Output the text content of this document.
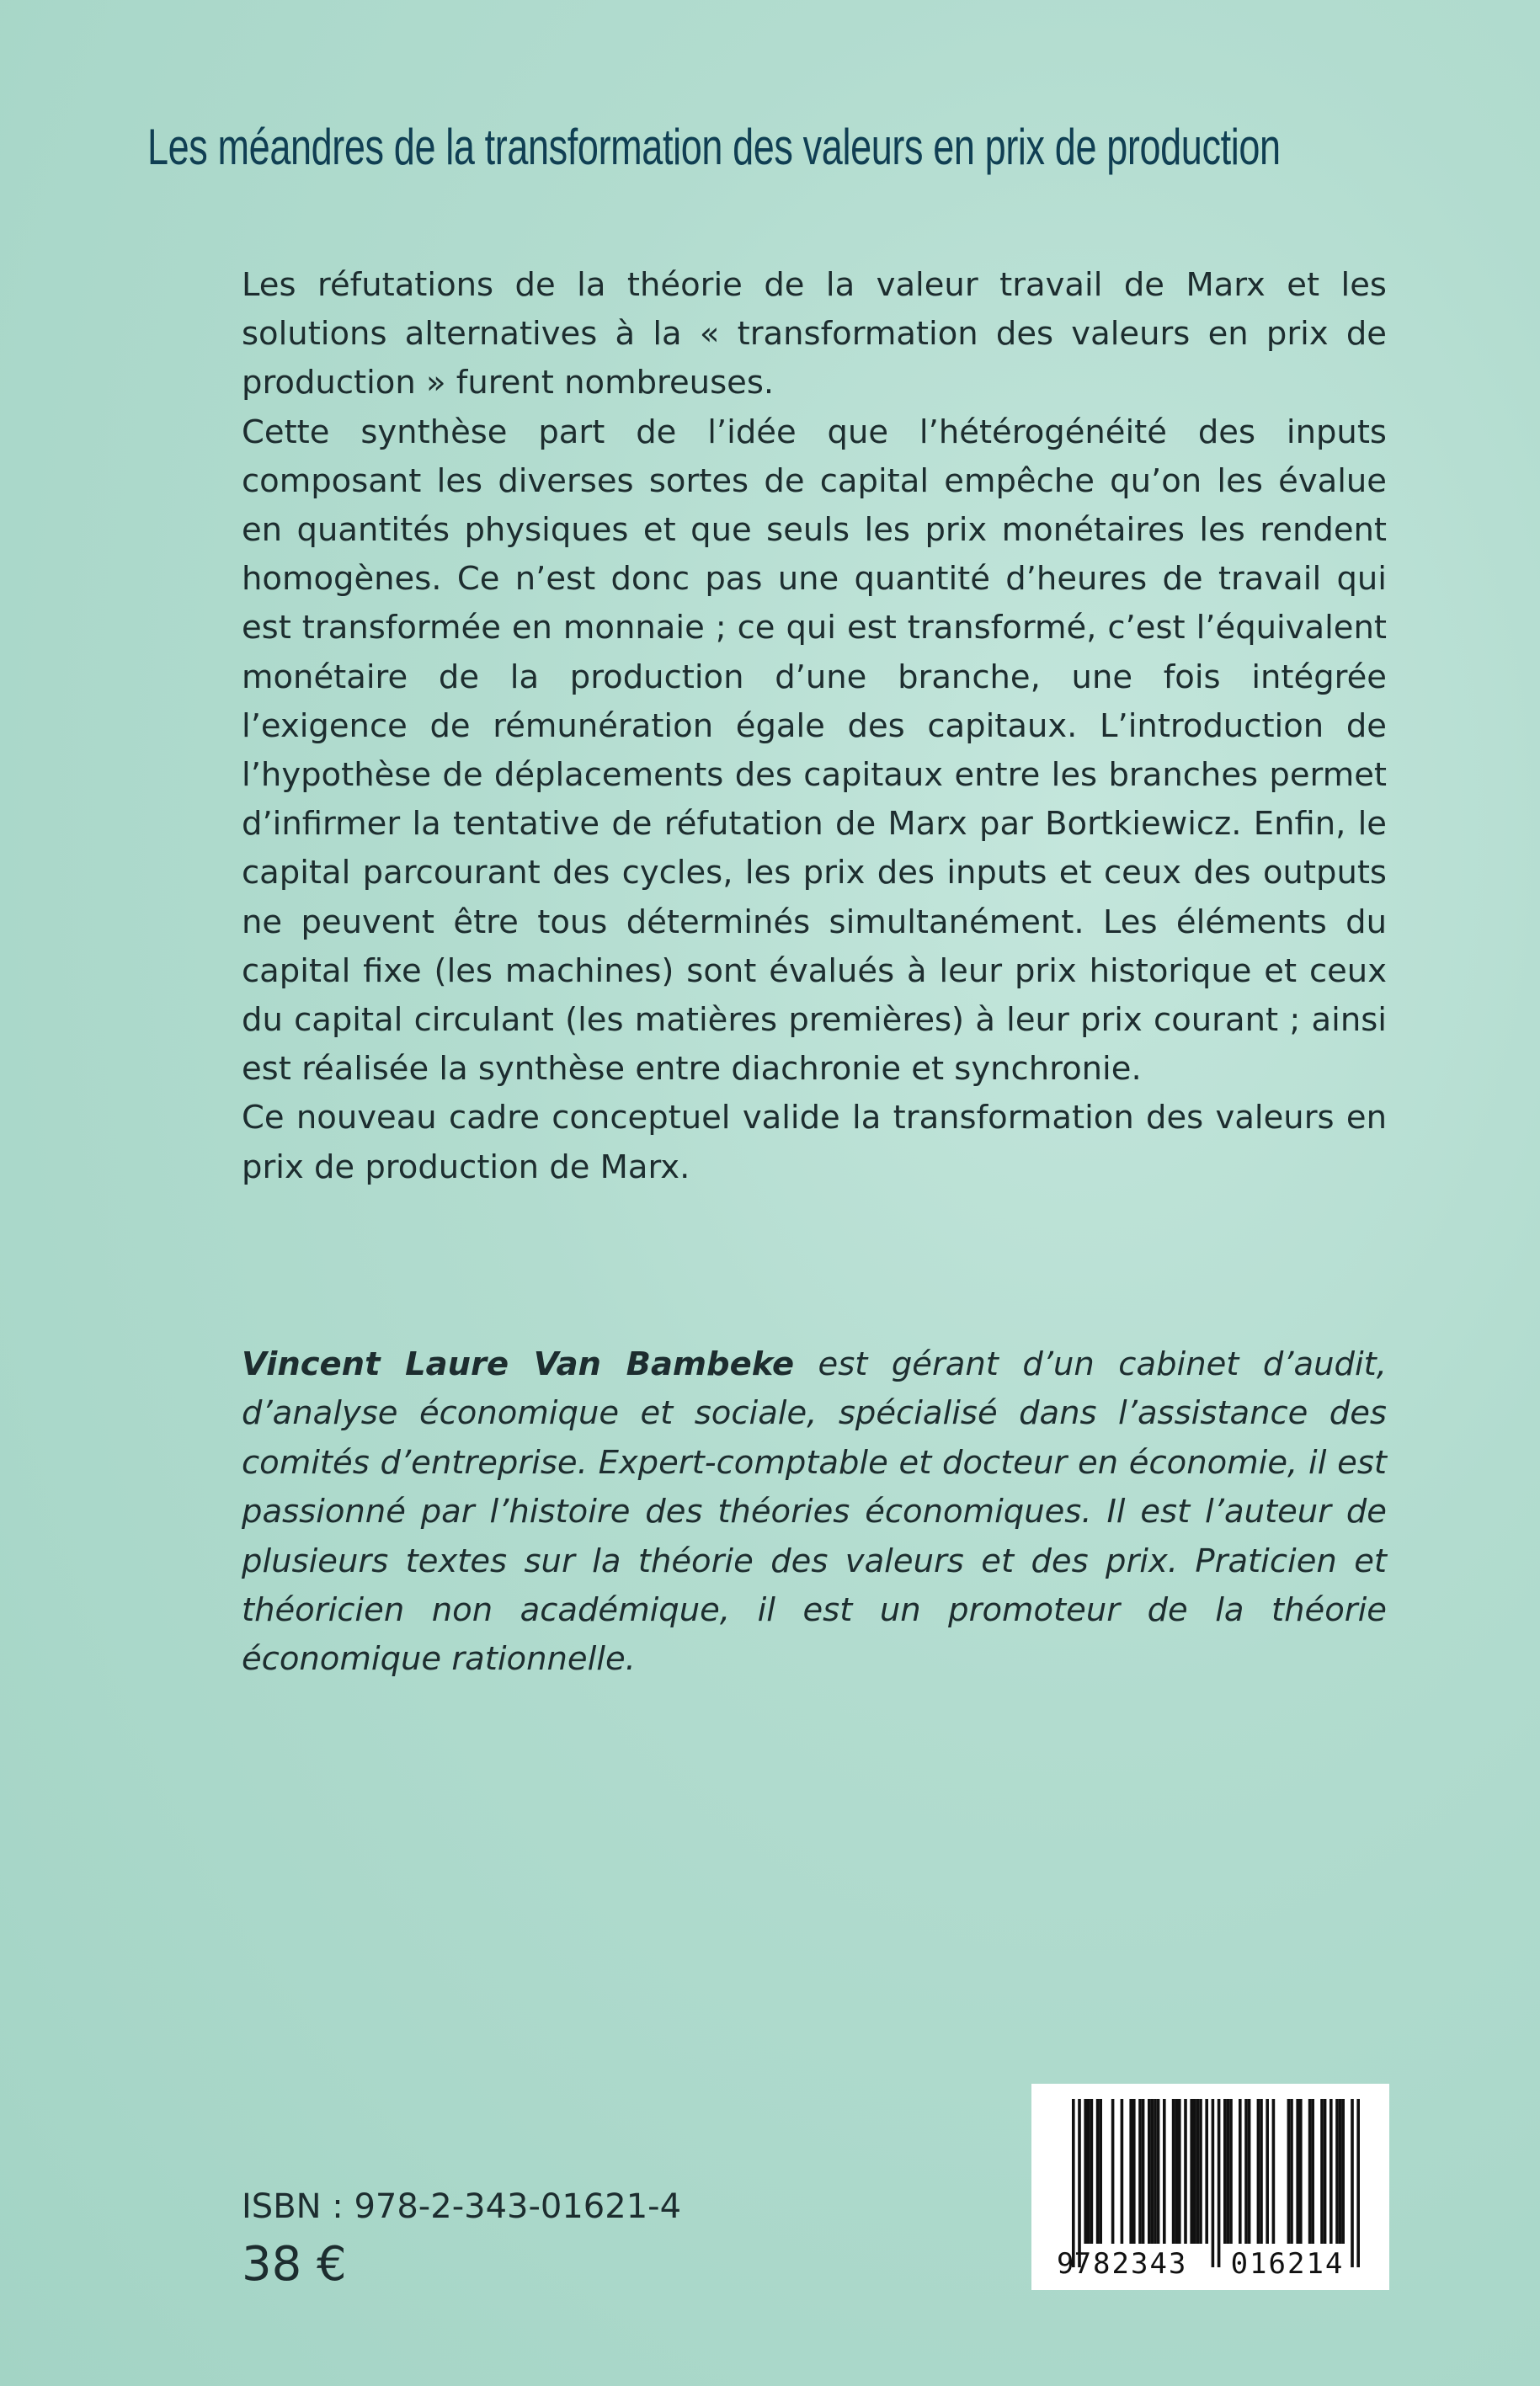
Les méandres de la transformation des valeurs en prix de production

Les réfutations de la théorie de la valeur travail de Marx et les solutions alternatives à la « transformation des valeurs en prix de production » furent nombreuses.

Cette synthèse part de l’idée que l’hétérogénéité des inputs composant les diverses sortes de capital empêche qu’on les évalue en quantités physiques et que seuls les prix monétaires les rendent homogènes. Ce n’est donc pas une quantité d’heures de travail qui est transformée en monnaie ; ce qui est transformé, c’est l’équivalent monétaire de la production d’une branche, une fois intégrée l’exigence de rémunération égale des capitaux. L’introduction de l’hypothèse de déplacements des capitaux entre les branches permet d’infirmer la tentative de réfutation de Marx par Bortkiewicz. Enfin, le capital parcourant des cycles, les prix des inputs et ceux des outputs ne peuvent être tous déterminés simultanément. Les éléments du capital fixe (les machines) sont évalués à leur prix historique et ceux du capital circulant (les matières premières) à leur prix courant ; ainsi est réalisée la synthèse entre diachronie et synchronie.

Ce nouveau cadre conceptuel valide la transformation des valeurs en prix de production de Marx.

Vincent Laure Van Bambeke est gérant d’un cabinet d’audit, d’analyse économique et sociale, spécialisé dans l’assistance des comités d’entreprise. Expert-comptable et docteur en économie, il est passionné par l’histoire des théories économiques. Il est l’auteur de plusieurs textes sur la théorie des valeurs et des prix. Praticien et théoricien non académique, il est un promoteur de la théorie économique rationnelle.

ISBN : 978-2-343-01621-4
38 €	9 782343 016214
